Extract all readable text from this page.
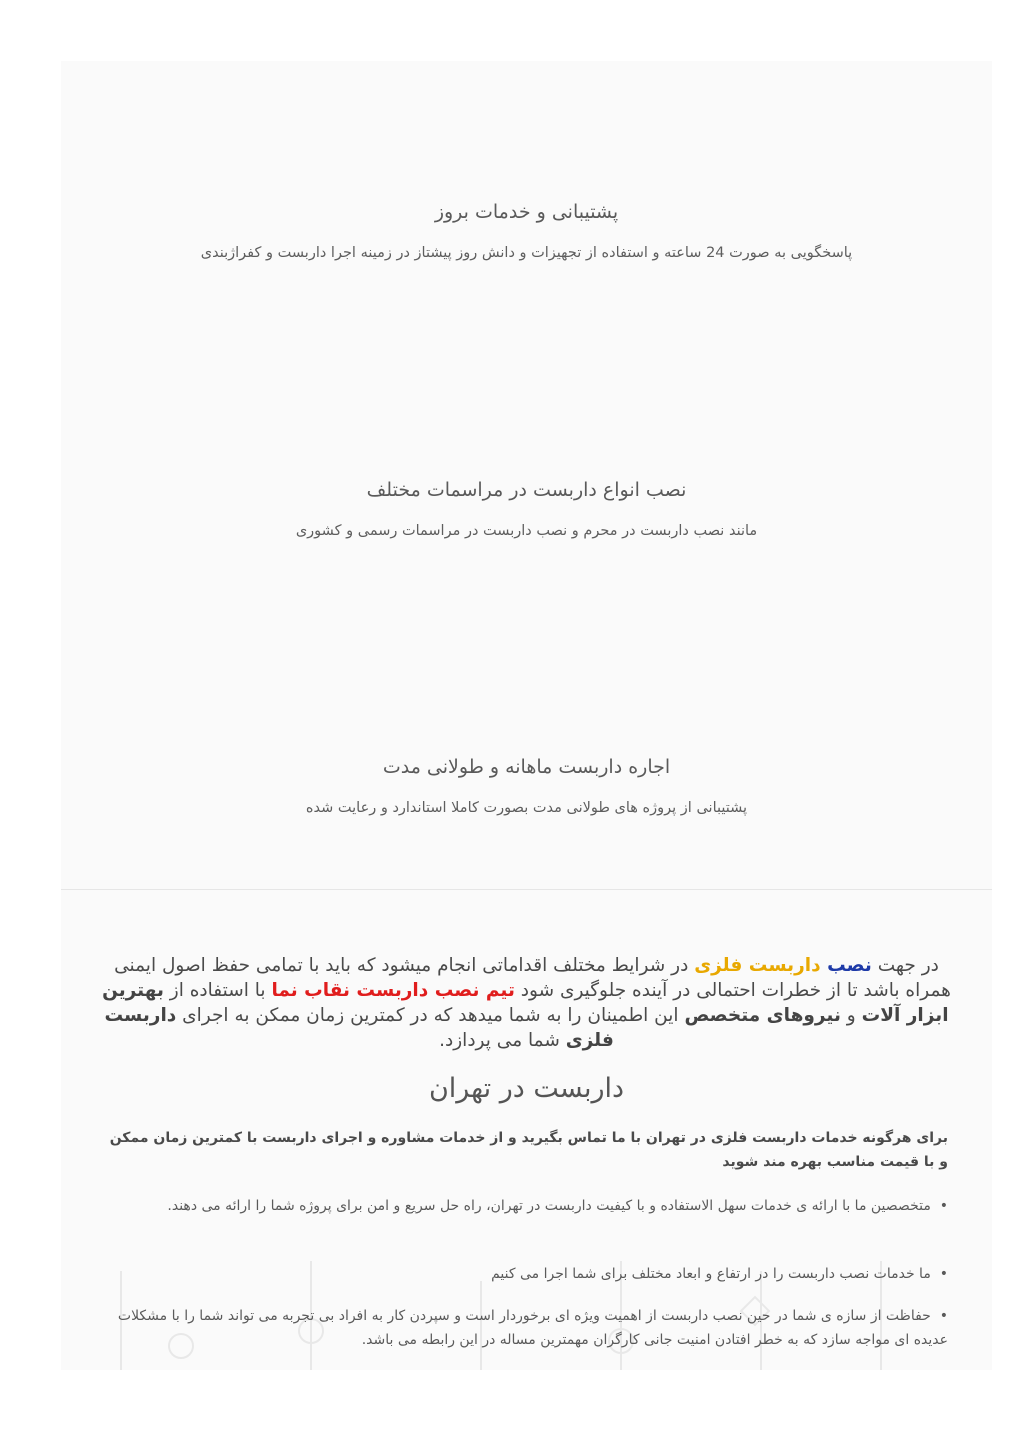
پشتیبانی و خدمات بروز

پاسخگویی به صورت 24 ساعته و استفاده از تجهیزات و دانش روز پیشتاز در زمینه اجرا داربست و کفراژبندی

نصب انواع داربست در مراسمات مختلف

مانند نصب داربست در محرم و نصب داربست در مراسمات رسمی و کشوری

اجاره داربست ماهانه و طولانی مدت

پشتیبانی از پروژه های طولانی مدت بصورت کاملا استاندارد و رعایت شده

در جهت نصب داربست فلزی در شرایط مختلف اقداماتی انجام میشود که باید با تمامی حفظ اصول ایمنی همراه باشد تا از خطرات احتمالی در آینده جلوگیری شود تیم نصب داربست نقاب نما با استفاده از بهترین ابزار آلات و نیروهای متخصص این اطمینان را به شما میدهد که در کمترین زمان ممکن به اجرای داربست فلزی شما می پردازد.
داربست در تهران

برای هرگونه خدمات داربست فلزی در تهران با ما تماس بگیرید و از خدمات مشاوره و اجرای داربست با کمترین زمان ممکن و با قیمت مناسب بهره مند شوید

•  متخصصین ما با ارائه ی خدمات سهل الاستفاده و با کیفیت داربست در تهران، راه حل سریع و امن برای پروژه شما را ارائه می دهند.
•  ما خدمات نصب داربست را در ارتفاع و ابعاد مختلف برای شما اجرا می کنیم
•  حفاظت از سازه ی شما در حین نصب داربست از اهمیت ویژه ای برخوردار است و سپردن کار به افراد بی تجربه می تواند شما را با مشکلات عدیده ای مواجه سازد که به خطر افتادن امنیت جانی کارگران مهمترین مساله در این رابطه می باشد.
